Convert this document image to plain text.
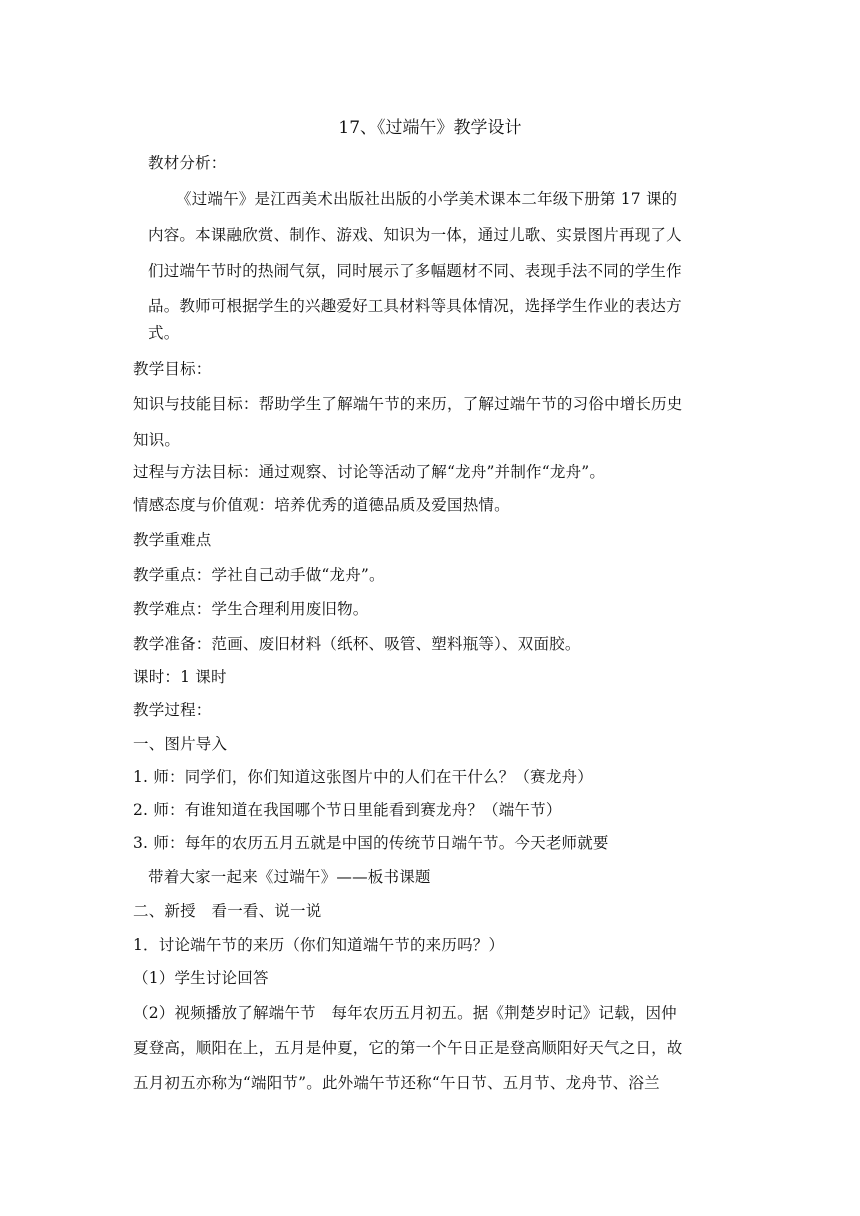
17、《过端午》教学设计
教材分析：
《过端午》是江西美术出版社出版的小学美术课本二年级下册第 17 课的
内容。本课融欣赏、制作、游戏、知识为一体，通过儿歌、实景图片再现了人
们过端午节时的热闹气氛，同时展示了多幅题材不同、表现手法不同的学生作
品。教师可根据学生的兴趣爱好工具材料等具体情况，选择学生作业的表达方
式。
教学目标：
知识与技能目标：帮助学生了解端午节的来历，了解过端午节的习俗中增长历史
知识。
过程与方法目标：通过观察、讨论等活动了解“龙舟”并制作“龙舟”。
情感态度与价值观：培养优秀的道德品质及爱国热情。
教学重难点
教学重点：学社自己动手做“龙舟”。
教学难点：学生合理利用废旧物。
教学准备：范画、废旧材料（纸杯、吸管、塑料瓶等）、双面胶。
课时：1 课时
教学过程：
一、图片导入
1. 师：同学们，你们知道这张图片中的人们在干什么？（赛龙舟）
2. 师：有谁知道在我国哪个节日里能看到赛龙舟？（端午节）
3. 师：每年的农历五月五就是中国的传统节日端午节。今天老师就要
带着大家一起来《过端午》——板书课题
二、新授　看一看、说一说
1．讨论端午节的来历（你们知道端午节的来历吗？）
（1）学生讨论回答
（2）视频播放了解端午节　每年农历五月初五。据《荆楚岁时记》记载，因仲
夏登高，顺阳在上，五月是仲夏，它的第一个午日正是登高顺阳好天气之日，故
五月初五亦称为“端阳节”。此外端午节还称“午日节、五月节、龙舟节、浴兰
